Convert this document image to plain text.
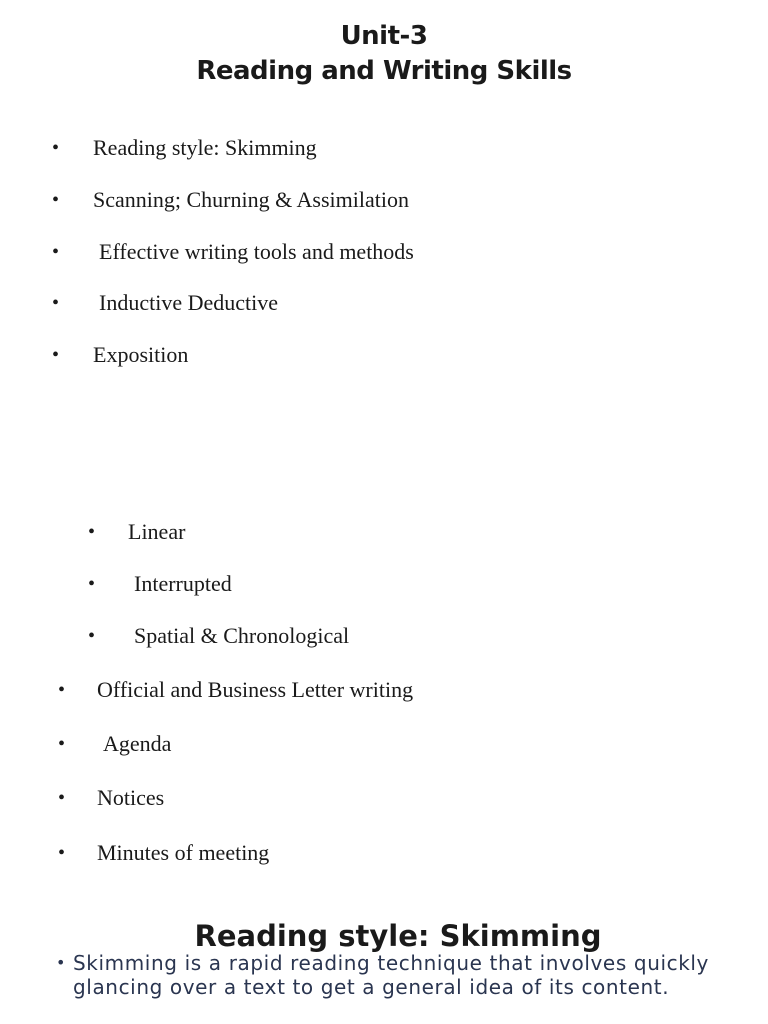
Unit-3
Reading and Writing Skills
• Reading style: Skimming
• Scanning; Churning & Assimilation
• Effective writing tools and methods
• Inductive Deductive
• Exposition
• Linear
• Interrupted
• Spatial & Chronological
• Official and Business Letter writing
• Agenda
• Notices
• Minutes of meeting
Reading style: Skimming
• Skimming is a rapid reading technique that involves quickly glancing over a text to get a general idea of its content.
